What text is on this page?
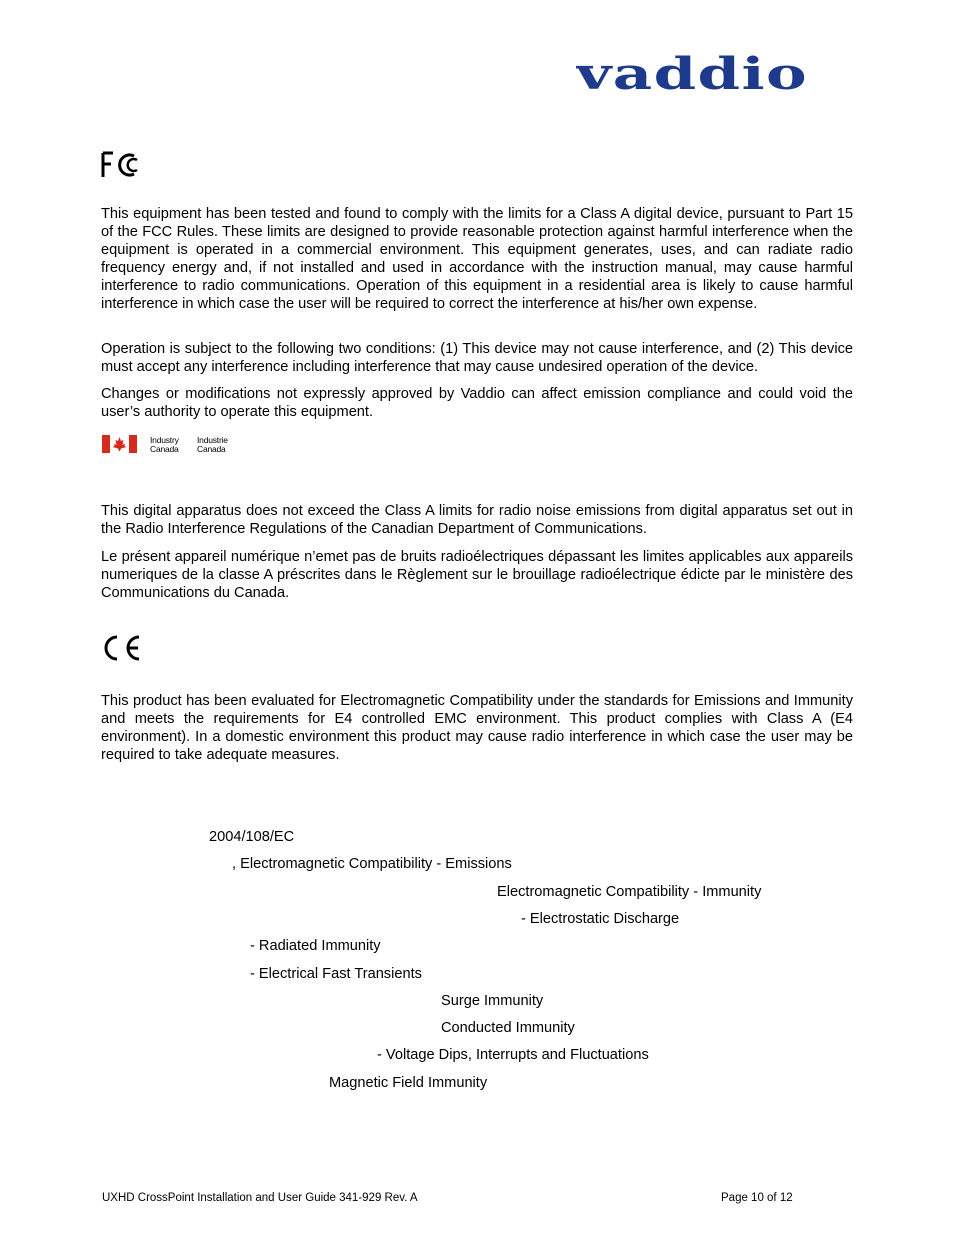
vaddio

This equipment has been tested and found to comply with the limits for a Class A digital device, pursuant to Part 15 of the FCC Rules. These limits are designed to provide reasonable protection against harmful interference when the equipment is operated in a commercial environment. This equipment generates, uses, and can radiate radio frequency energy and, if not installed and used in accordance with the instruction manual, may cause harmful interference to radio communications. Operation of this equipment in a residential area is likely to cause harmful interference in which case the user will be required to correct the interference at his/her own expense.

Operation is subject to the following two conditions: (1) This device may not cause interference, and (2) This device must accept any interference including interference that may cause undesired operation of the device.

Changes or modifications not expressly approved by Vaddio can affect emission compliance and could void the user’s authority to operate this equipment.

Industry
Canada
Industrie
Canada

This digital apparatus does not exceed the Class A limits for radio noise emissions from digital apparatus set out in the Radio Interference Regulations of the Canadian Department of Communications.

Le présent appareil numérique n’emet pas de bruits radioélectriques dépassant les limites applicables aux appareils numeriques de la classe A préscrites dans le Règlement sur le brouillage radioélectrique édicte par le ministère des Communications du Canada.

This product has been evaluated for Electromagnetic Compatibility under the standards for Emissions and Immunity and meets the requirements for E4 controlled EMC environment. This product complies with Class A (E4 environment). In a domestic environment this product may cause radio interference in which case the user may be required to take adequate measures.

2004/108/EC
, Electromagnetic Compatibility - Emissions
Electromagnetic Compatibility - Immunity
- Electrostatic Discharge
- Radiated Immunity
- Electrical Fast Transients
Surge Immunity
Conducted Immunity
- Voltage Dips, Interrupts and Fluctuations
Magnetic Field Immunity
UXHD CrossPoint Installation and User Guide 341-929 Rev. A	Page 10 of 12
